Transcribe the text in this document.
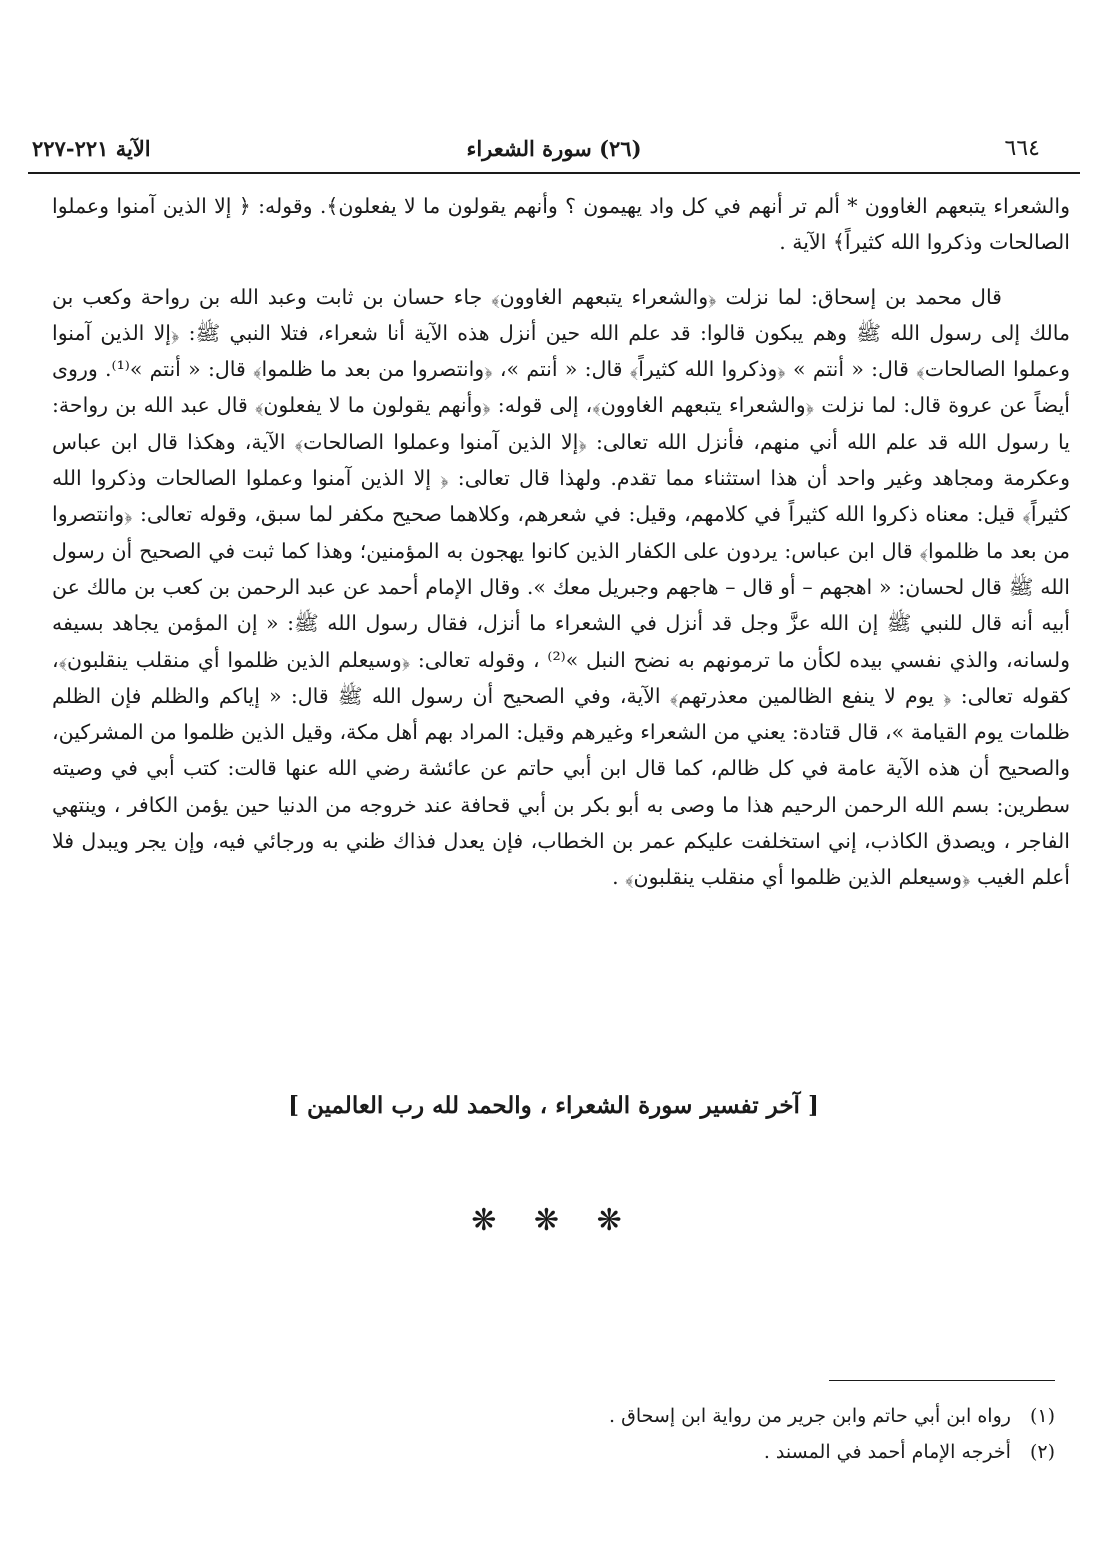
٦٦٤
(٢٦) سورة الشعراء
الآية ٢٢١-٢٢٧

والشعراء يتبعهم الغاوون * ألم تر أنهم في كل واد يهيمون ؟ وأنهم يقولون ما لا يفعلون﴾. وقوله: ﴿ إلا الذين آمنوا وعملوا الصالحات وذكروا الله كثيراً﴾ الآية .

قال محمد بن إسحاق: لما نزلت ﴿والشعراء يتبعهم الغاوون﴾ جاء حسان بن ثابت وعبد الله بن رواحة وكعب بن مالك إلى رسول الله ﷺ وهم يبكون قالوا: قد علم الله حين أنزل هذه الآية أنا شعراء، فتلا النبي ﷺ: ﴿إلا الذين آمنوا وعملوا الصالحات﴾ قال: « أنتم » ﴿وذكروا الله كثيراً﴾ قال: « أنتم »، ﴿وانتصروا من بعد ما ظلموا﴾ قال: « أنتم »⁽¹⁾. وروى أيضاً عن عروة قال: لما نزلت ﴿والشعراء يتبعهم الغاوون﴾، إلى قوله: ﴿وأنهم يقولون ما لا يفعلون﴾ قال عبد الله بن رواحة: يا رسول الله قد علم الله أني منهم، فأنزل الله تعالى: ﴿إلا الذين آمنوا وعملوا الصالحات﴾ الآية، وهكذا قال ابن عباس وعكرمة ومجاهد وغير واحد أن هذا استثناء مما تقدم. ولهذا قال تعالى: ﴿ إلا الذين آمنوا وعملوا الصالحات وذكروا الله كثيراً﴾ قيل: معناه ذكروا الله كثيراً في كلامهم، وقيل: في شعرهم، وكلاهما صحيح مكفر لما سبق، وقوله تعالى: ﴿وانتصروا من بعد ما ظلموا﴾ قال ابن عباس: يردون على الكفار الذين كانوا يهجون به المؤمنين؛ وهذا كما ثبت في الصحيح أن رسول الله ﷺ قال لحسان: « اهجهم – أو قال – هاجهم وجبريل معك ». وقال الإمام أحمد عن عبد الرحمن بن كعب بن مالك عن أبيه أنه قال للنبي ﷺ إن الله عزَّ وجل قد أنزل في الشعراء ما أنزل، فقال رسول الله ﷺ: « إن المؤمن يجاهد بسيفه ولسانه، والذي نفسي بيده لكأن ما ترمونهم به نضح النبل »⁽²⁾ ، وقوله تعالى: ﴿وسيعلم الذين ظلموا أي منقلب ينقلبون﴾، كقوله تعالى: ﴿ يوم لا ينفع الظالمين معذرتهم﴾ الآية، وفي الصحيح أن رسول الله ﷺ قال: « إياكم والظلم فإن الظلم ظلمات يوم القيامة »، قال قتادة: يعني من الشعراء وغيرهم وقيل: المراد بهم أهل مكة، وقيل الذين ظلموا من المشركين، والصحيح أن هذه الآية عامة في كل ظالم، كما قال ابن أبي حاتم عن عائشة رضي الله عنها قالت: كتب أبي في وصيته سطرين: بسم الله الرحمن الرحيم هذا ما وصى به أبو بكر بن أبي قحافة عند خروجه من الدنيا حين يؤمن الكافر ، وينتهي الفاجر ، ويصدق الكاذب، إني استخلفت عليكم عمر بن الخطاب، فإن يعدل فذاك ظني به ورجائي فيه، وإن يجر ويبدل فلا أعلم الغيب ﴿وسيعلم الذين ظلموا أي منقلب ينقلبون﴾ .

[ آخر تفسير سورة الشعراء ، والحمد لله رب العالمين ]
❋ ❋ ❋
(١) رواه ابن أبي حاتم وابن جرير من رواية ابن إسحاق .
(٢) أخرجه الإمام أحمد في المسند .
